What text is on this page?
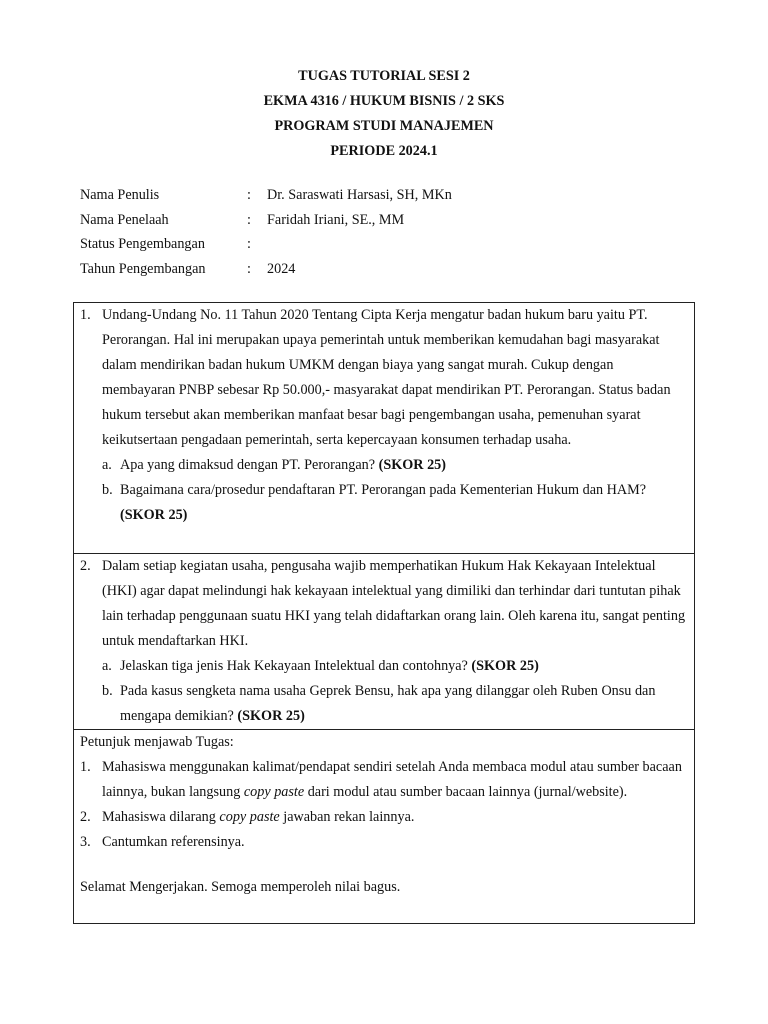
TUGAS TUTORIAL SESI 2
EKMA 4316 / HUKUM BISNIS / 2 SKS
PROGRAM STUDI MANAJEMEN
PERIODE 2024.1
Nama Penulis	:	Dr. Saraswati Harsasi, SH, MKn
Nama Penelaah	:	Faridah Iriani, SE., MM
Status Pengembangan	:
Tahun Pengembangan	:	2024
1. Undang-Undang No. 11 Tahun 2020 Tentang Cipta Kerja mengatur badan hukum baru yaitu PT. Perorangan. Hal ini merupakan upaya pemerintah untuk memberikan kemudahan bagi masyarakat dalam mendirikan badan hukum UMKM dengan biaya yang sangat murah. Cukup dengan membayaran PNBP sebesar Rp 50.000,- masyarakat dapat mendirikan PT. Perorangan. Status badan hukum tersebut akan memberikan manfaat besar bagi pengembangan usaha, pemenuhan syarat keikutsertaan pengadaan pemerintah, serta kepercayaan konsumen terhadap usaha.
a. Apa yang dimaksud dengan PT. Perorangan? (SKOR 25)
b. Bagaimana cara/prosedur pendaftaran PT. Perorangan pada Kementerian Hukum dan HAM? (SKOR 25)
2. Dalam setiap kegiatan usaha, pengusaha wajib memperhatikan Hukum Hak Kekayaan Intelektual (HKI) agar dapat melindungi hak kekayaan intelektual yang dimiliki dan terhindar dari tuntutan pihak lain terhadap penggunaan suatu HKI yang telah didaftarkan orang lain. Oleh karena itu, sangat penting untuk mendaftarkan HKI.
a. Jelaskan tiga jenis Hak Kekayaan Intelektual dan contohnya? (SKOR 25)
b. Pada kasus sengketa nama usaha Geprek Bensu, hak apa yang dilanggar oleh Ruben Onsu dan mengapa demikian? (SKOR 25)
Petunjuk menjawab Tugas:
1. Mahasiswa menggunakan kalimat/pendapat sendiri setelah Anda membaca modul atau sumber bacaan lainnya, bukan langsung copy paste dari modul atau sumber bacaan lainnya (jurnal/website).
2. Mahasiswa dilarang copy paste jawaban rekan lainnya.
3. Cantumkan referensinya.
Selamat Mengerjakan. Semoga memperoleh nilai bagus.
